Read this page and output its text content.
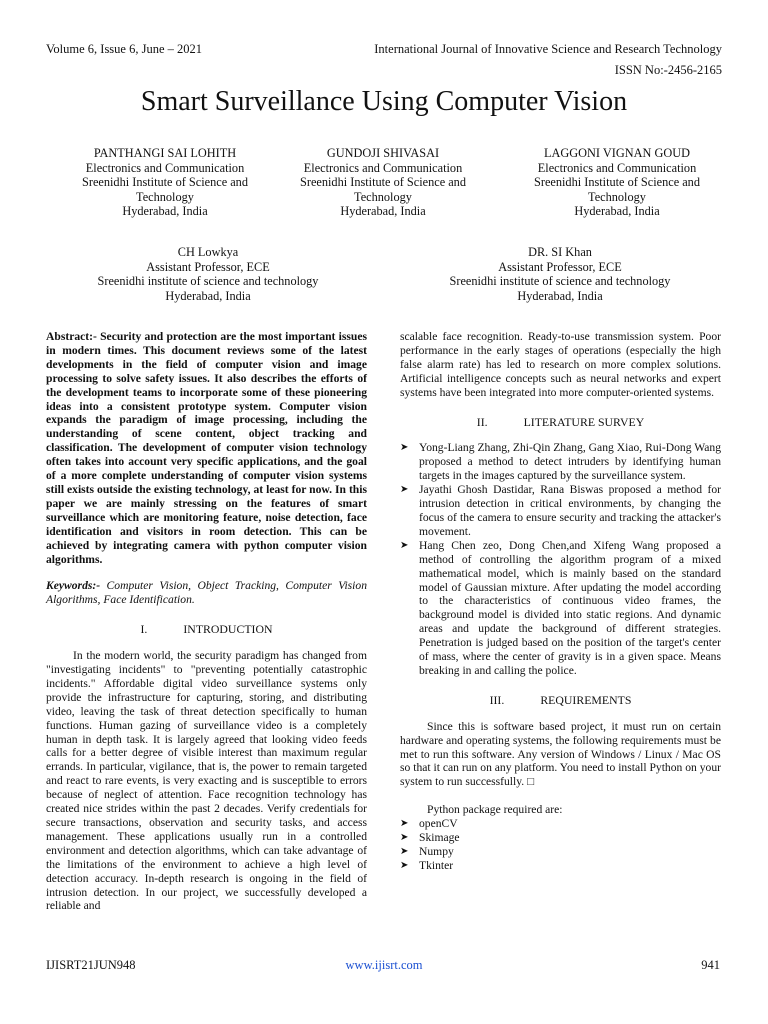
Volume 6, Issue 6, June – 2021	International Journal of Innovative Science and Research Technology
ISSN No:-2456-2165
Smart Surveillance Using Computer Vision
PANTHANGI SAI LOHITH
Electronics and Communication
Sreenidhi Institute of Science and
Technology
Hyderabad, India
GUNDOJI SHIVASAI
Electronics and Communication
Sreenidhi Institute of Science and
Technology
Hyderabad, India
LAGGONI VIGNAN GOUD
Electronics and Communication
Sreenidhi Institute of Science and
Technology
Hyderabad, India
CH Lowkya
Assistant Professor, ECE
Sreenidhi institute of science and technology
Hyderabad, India
DR. SI Khan
Assistant Professor, ECE
Sreenidhi institute of science and technology
Hyderabad, India

Abstract:- Security and protection are the most important issues in modern times. This document reviews some of the latest developments in the field of computer vision and image processing to solve safety issues. It also describes the efforts of the development teams to incorporate some of these pioneering ideas into a consistent prototype system. Computer vision expands the paradigm of image processing, including the understanding of scene content, object tracking and classification. The development of computer vision technology often takes into account very specific applications, and the goal of a more complete understanding of computer vision systems still exists outside the existing technology, at least for now. In this paper we are mainly stressing on the features of smart surveillance which are monitoring feature, noise detection, face identification and visitors in room detection. This can be achieved by integrating camera with python computer vision algorithms.

Keywords:- Computer Vision, Object Tracking, Computer Vision Algorithms, Face Identification.

I.	INTRODUCTION

In the modern world, the security paradigm has changed from "investigating incidents" to "preventing potentially catastrophic incidents." Affordable digital video surveillance systems only provide the infrastructure for capturing, storing, and distributing video, leaving the task of threat detection specifically to human functions. Human gazing of surveillance video is a completely human in depth task. It is largely agreed that looking video feeds calls for a better degree of visible interest than maximum regular errands. In particular, vigilance, that is, the power to remain targeted and react to rare events, is very exacting and is susceptible to errors because of neglect of attention. Face recognition technology has created nice strides within the past 2 decades. Verify credentials for secure transactions, observation and security tasks, and access management. These applications usually run in a controlled environment and detection algorithms, which can take advantage of the limitations of the environment to achieve a high level of detection accuracy. In-depth research is ongoing in the field of intrusion detection. In our project, we successfully developed a reliable and

scalable face recognition. Ready-to-use transmission system. Poor performance in the early stages of operations (especially the high false alarm rate) has led to research on more complex solutions. Artificial intelligence concepts such as neural networks and expert systems have been integrated into more computer-oriented systems.

II.	LITERATURE SURVEY
➤ Yong-Liang Zhang, Zhi-Qin Zhang, Gang Xiao, Rui-Dong Wang proposed a method to detect intruders by identifying human targets in the images captured by the surveillance system.
➤ Jayathi Ghosh Dastidar, Rana Biswas proposed a method for intrusion detection in critical environments, by changing the focus of the camera to ensure security and tracking the attacker's movement.
➤ Hang Chen zeo, Dong Chen,and Xifeng Wang proposed a method of controlling the algorithm program of a mixed mathematical model, which is mainly based on the standard model of Gaussian mixture. After updating the model according to the characteristics of continuous video frames, the background model is divided into static regions. And dynamic areas and update the background of different strategies. Penetration is judged based on the position of the target's center of mass, where the center of gravity is in a given space. Means breaking in and calling the police.
III.	REQUIREMENTS

Since this is software based project, it must run on certain hardware and operating systems, the following requirements must be met to run this software. Any version of Windows / Linux / Mac OS so that it can run on any platform. You need to install Python on your system to run successfully. □

Python package required are:

➤ openCV
➤ Skimage
➤ Numpy
➤ Tkinter
IJISRT21JUN948	www.ijisrt.com	941
